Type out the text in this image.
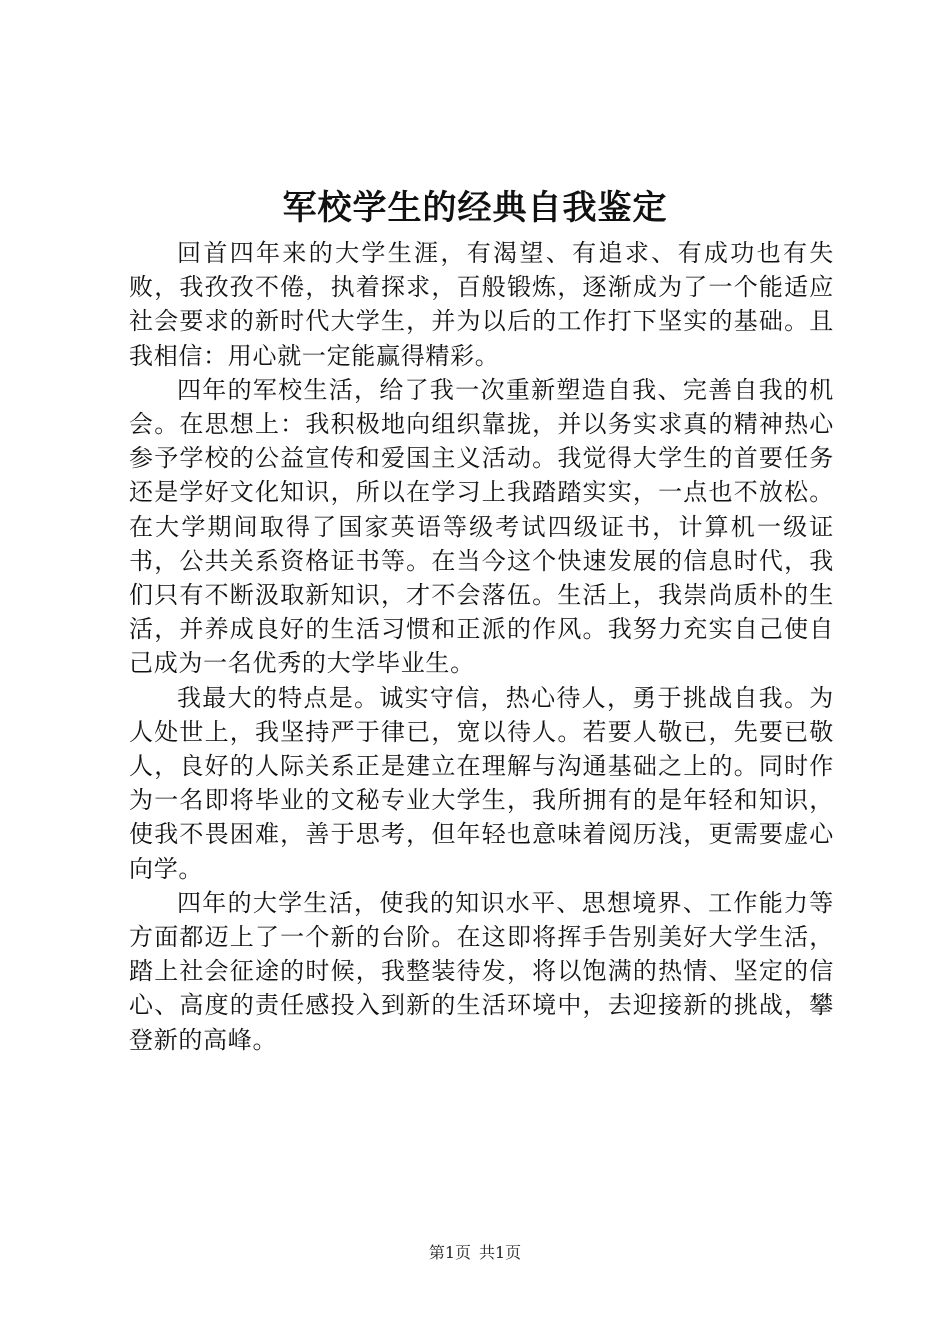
军校学生的经典自我鉴定

回首四年来的大学生涯，有渴望、有追求、有成功也有失败，我孜孜不倦，执着探求，百般锻炼，逐渐成为了一个能适应社会要求的新时代大学生，并为以后的工作打下坚实的基础。且我相信：用心就一定能赢得精彩。

四年的军校生活，给了我一次重新塑造自我、完善自我的机会。在思想上：我积极地向组织靠拢，并以务实求真的精神热心参予学校的公益宣传和爱国主义活动。我觉得大学生的首要任务还是学好文化知识，所以在学习上我踏踏实实，一点也不放松。在大学期间取得了国家英语等级考试四级证书，计算机一级证书，公共关系资格证书等。在当今这个快速发展的信息时代，我们只有不断汲取新知识，才不会落伍。生活上，我崇尚质朴的生活，并养成良好的生活习惯和正派的作风。我努力充实自己使自己成为一名优秀的大学毕业生。

我最大的特点是。诚实守信，热心待人，勇于挑战自我。为人处世上，我坚持严于律已，宽以待人。若要人敬已，先要已敬人，良好的人际关系正是建立在理解与沟通基础之上的。同时作为一名即将毕业的文秘专业大学生，我所拥有的是年轻和知识，使我不畏困难，善于思考，但年轻也意味着阅历浅，更需要虚心向学。

四年的大学生活，使我的知识水平、思想境界、工作能力等方面都迈上了一个新的台阶。在这即将挥手告别美好大学生活，踏上社会征途的时候，我整装待发，将以饱满的热情、坚定的信心、高度的责任感投入到新的生活环境中，去迎接新的挑战，攀登新的高峰。

第1页 共1页
